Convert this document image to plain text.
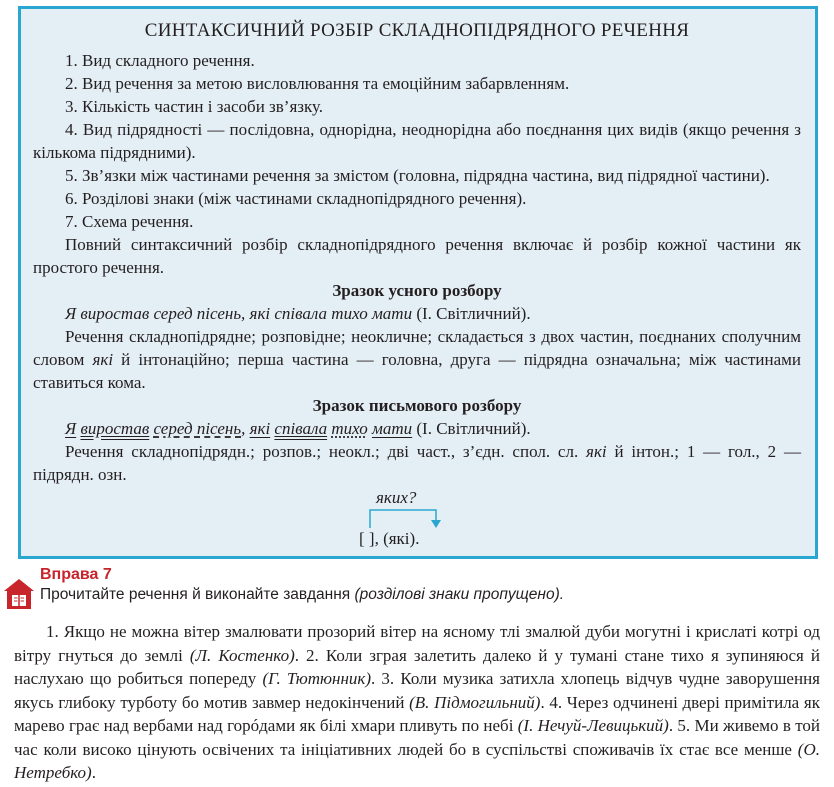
СИНТАКСИЧНИЙ РОЗБІР СКЛАДНОПІДРЯДНОГО РЕЧЕННЯ
1. Вид складного речення.
2. Вид речення за метою висловлювання та емоційним забарвленням.
3. Кількість частин і засоби зв’язку.
4. Вид підрядності — послідовна, однорідна, неоднорідна або поєднання цих видів (якщо речення з кількома підрядними).
5. Зв’язки між частинами речення за змістом (головна, підрядна частина, вид підрядної частини).
6. Розділові знаки (між частинами складнопідрядного речення).
7. Схема речення.
Повний синтаксичний розбір складнопідрядного речення включає й розбір кожної частини як простого речення.
Зразок усного розбору
Я виростав серед пісень, які співала тихо мати (І. Світличний).
Речення складнопідрядне; розповідне; неокличне; складається з двох частин, поєднаних сполучним словом які й інтонаційно; перша частина — головна, друга — підрядна означальна; між частинами ставиться кома.
Зразок письмового розбору
Я виростав серед пісень, які співала тихо мати (І. Світличний).
Речення складнопідрядн.; розпов.; неокл.; дві част., з’єдн. спол. сл. які й інтон.; 1 — гол., 2 — підрядн. озн.
яких?
[ ], (які).
Вправа 7
Прочитайте речення й виконайте завдання (розділові знаки пропущено).
1. Якщо не можна вітер змалювати прозорий вітер на ясному тлі змалюй дуби могутні і крислаті котрі од вітру гнуться до землі (Л. Костенко). 2. Коли зграя залетить далеко й у тумані стане тихо я зупиняюся й наслухаю що робиться попереду (Г. Тютюнник). 3. Коли музика затихла хлопець відчув чудне заворушення якусь глибоку турботу бо мотив завмер недокінчений (В. Підмогильний). 4. Через одчинені двері примітила як марево грає над вербами над горóдами як білі хмари пливуть по небі (І. Нечуй-Левицький). 5. Ми живемо в той час коли високо цінують освічених та ініціативних людей бо в суспільстві споживачів їх стає все менше (О. Нетребко).
